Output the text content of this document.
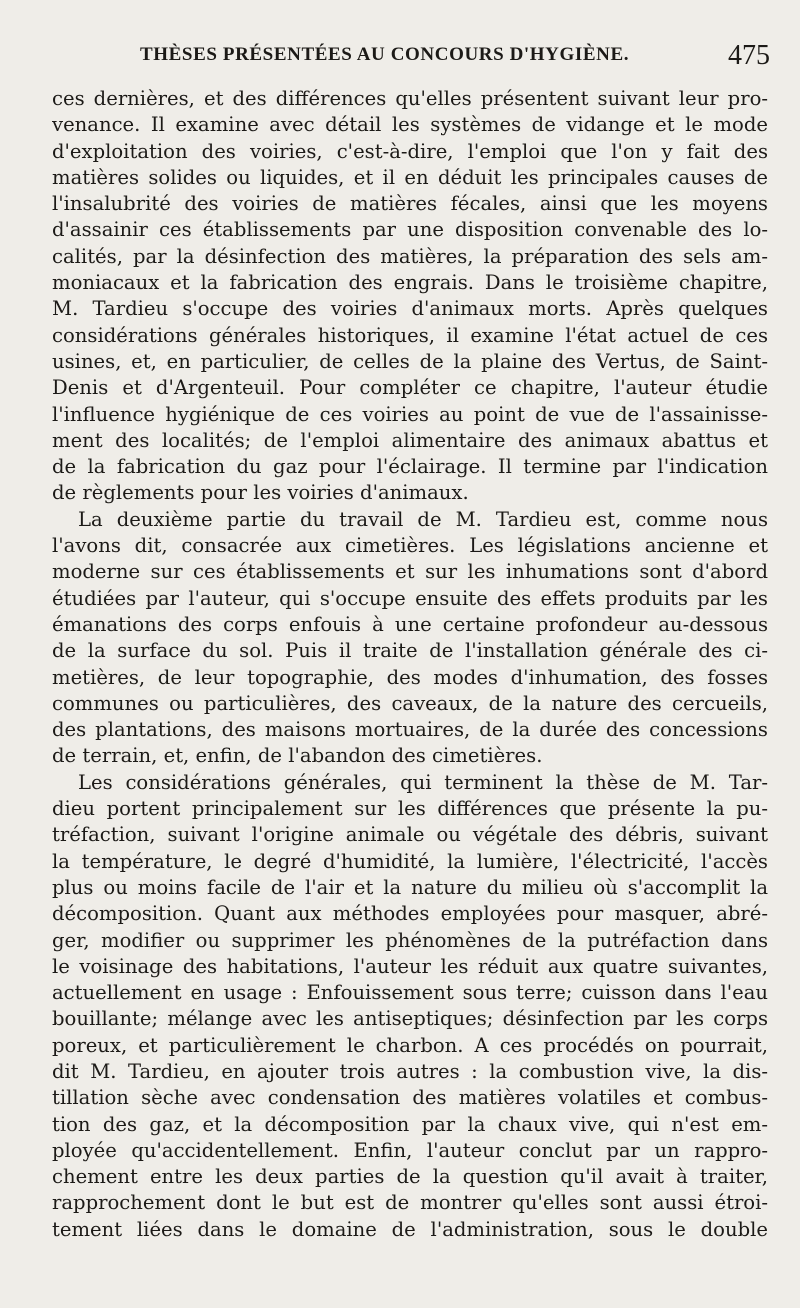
THÈSES PRÉSENTÉES AU CONCOURS D'HYGIÈNE.	475
ces dernières, et des différences qu'elles présentent suivant leur pro-
venance. Il examine avec détail les systèmes de vidange et le mode
d'exploitation des voiries, c'est-à-dire, l'emploi que l'on y fait des
matières solides ou liquides, et il en déduit les principales causes de
l'insalubrité des voiries de matières fécales, ainsi que les moyens
d'assainir ces établissements par une disposition convenable des lo-
calités, par la désinfection des matières, la préparation des sels am-
moniacaux et la fabrication des engrais. Dans le troisième chapitre,
M. Tardieu s'occupe des voiries d'animaux morts. Après quelques
considérations générales historiques, il examine l'état actuel de ces
usines, et, en particulier, de celles de la plaine des Vertus, de Saint-
Denis et d'Argenteuil. Pour compléter ce chapitre, l'auteur étudie
l'influence hygiénique de ces voiries au point de vue de l'assainisse-
ment des localités; de l'emploi alimentaire des animaux abattus et
de la fabrication du gaz pour l'éclairage. Il termine par l'indication
de règlements pour les voiries d'animaux.
La deuxième partie du travail de M. Tardieu est, comme nous
l'avons dit, consacrée aux cimetières. Les législations ancienne et
moderne sur ces établissements et sur les inhumations sont d'abord
étudiées par l'auteur, qui s'occupe ensuite des effets produits par les
émanations des corps enfouis à une certaine profondeur au-dessous
de la surface du sol. Puis il traite de l'installation générale des ci-
metières, de leur topographie, des modes d'inhumation, des fosses
communes ou particulières, des caveaux, de la nature des cercueils,
des plantations, des maisons mortuaires, de la durée des concessions
de terrain, et, enfin, de l'abandon des cimetières.
Les considérations générales, qui terminent la thèse de M. Tar-
dieu portent principalement sur les différences que présente la pu-
tréfaction, suivant l'origine animale ou végétale des débris, suivant
la température, le degré d'humidité, la lumière, l'électricité, l'accès
plus ou moins facile de l'air et la nature du milieu où s'accomplit la
décomposition. Quant aux méthodes employées pour masquer, abré-
ger, modifier ou supprimer les phénomènes de la putréfaction dans
le voisinage des habitations, l'auteur les réduit aux quatre suivantes,
actuellement en usage : Enfouissement sous terre; cuisson dans l'eau
bouillante; mélange avec les antiseptiques; désinfection par les corps
poreux, et particulièrement le charbon. A ces procédés on pourrait,
dit M. Tardieu, en ajouter trois autres : la combustion vive, la dis-
tillation sèche avec condensation des matières volatiles et combus-
tion des gaz, et la décomposition par la chaux vive, qui n'est em-
ployée qu'accidentellement. Enfin, l'auteur conclut par un rappro-
chement entre les deux parties de la question qu'il avait à traiter,
rapprochement dont le but est de montrer qu'elles sont aussi étroi-
tement liées dans le domaine de l'administration, sous le double
